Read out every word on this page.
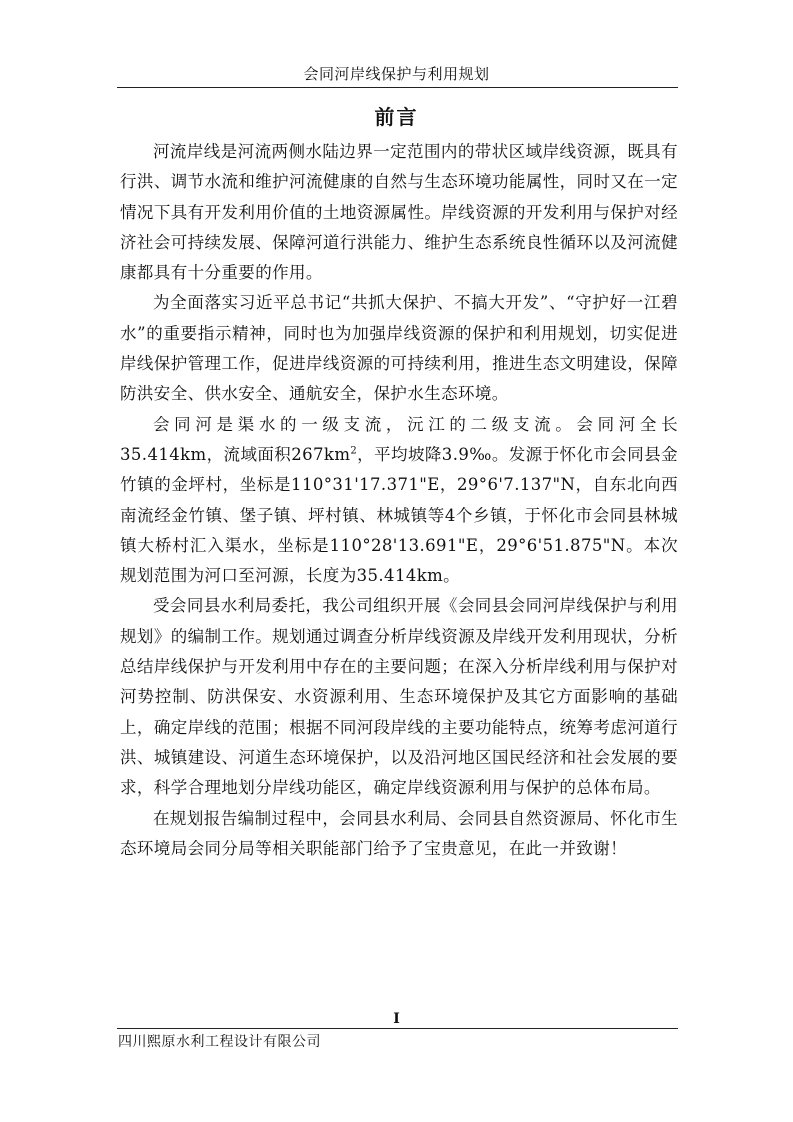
会同河岸线保护与利用规划
前言

河流岸线是河流两侧水陆边界一定范围内的带状区域岸线资源，既具有行洪、调节水流和维护河流健康的自然与生态环境功能属性，同时又在一定情况下具有开发利用价值的土地资源属性。岸线资源的开发利用与保护对经济社会可持续发展、保障河道行洪能力、维护生态系统良性循环以及河流健康都具有十分重要的作用。

为全面落实习近平总书记“共抓大保护、不搞大开发”、“守护好一江碧水”的重要指示精神，同时也为加强岸线资源的保护和利用规划，切实促进岸线保护管理工作，促进岸线资源的可持续利用，推进生态文明建设，保障防洪安全、供水安全、通航安全，保护水生态环境。

会同河是渠水的一级支流，沅江的二级支流。会同河全长35.414km，流域面积$267km^2$，平均坡降3.9‰。发源于怀化市会同县金竹镇的金坪村，坐标是110°31'17.371"E，29°6'7.137"N，自东北向西南流经金竹镇、堡子镇、坪村镇、林城镇等4个乡镇，于怀化市会同县林城镇大桥村汇入渠水，坐标是110°28'13.691"E，29°6'51.875"N。本次规划范围为河口至河源，长度为35.414km。

受会同县水利局委托，我公司组织开展《会同县会同河岸线保护与利用规划》的编制工作。规划通过调查分析岸线资源及岸线开发利用现状，分析总结岸线保护与开发利用中存在的主要问题；在深入分析岸线利用与保护对河势控制、防洪保安、水资源利用、生态环境保护及其它方面影响的基础上，确定岸线的范围；根据不同河段岸线的主要功能特点，统筹考虑河道行洪、城镇建设、河道生态环境保护，以及沿河地区国民经济和社会发展的要求，科学合理地划分岸线功能区，确定岸线资源利用与保护的总体布局。

在规划报告编制过程中，会同县水利局、会同县自然资源局、怀化市生态环境局会同分局等相关职能部门给予了宝贵意见，在此一并致谢！

I
四川熙原水利工程设计有限公司
